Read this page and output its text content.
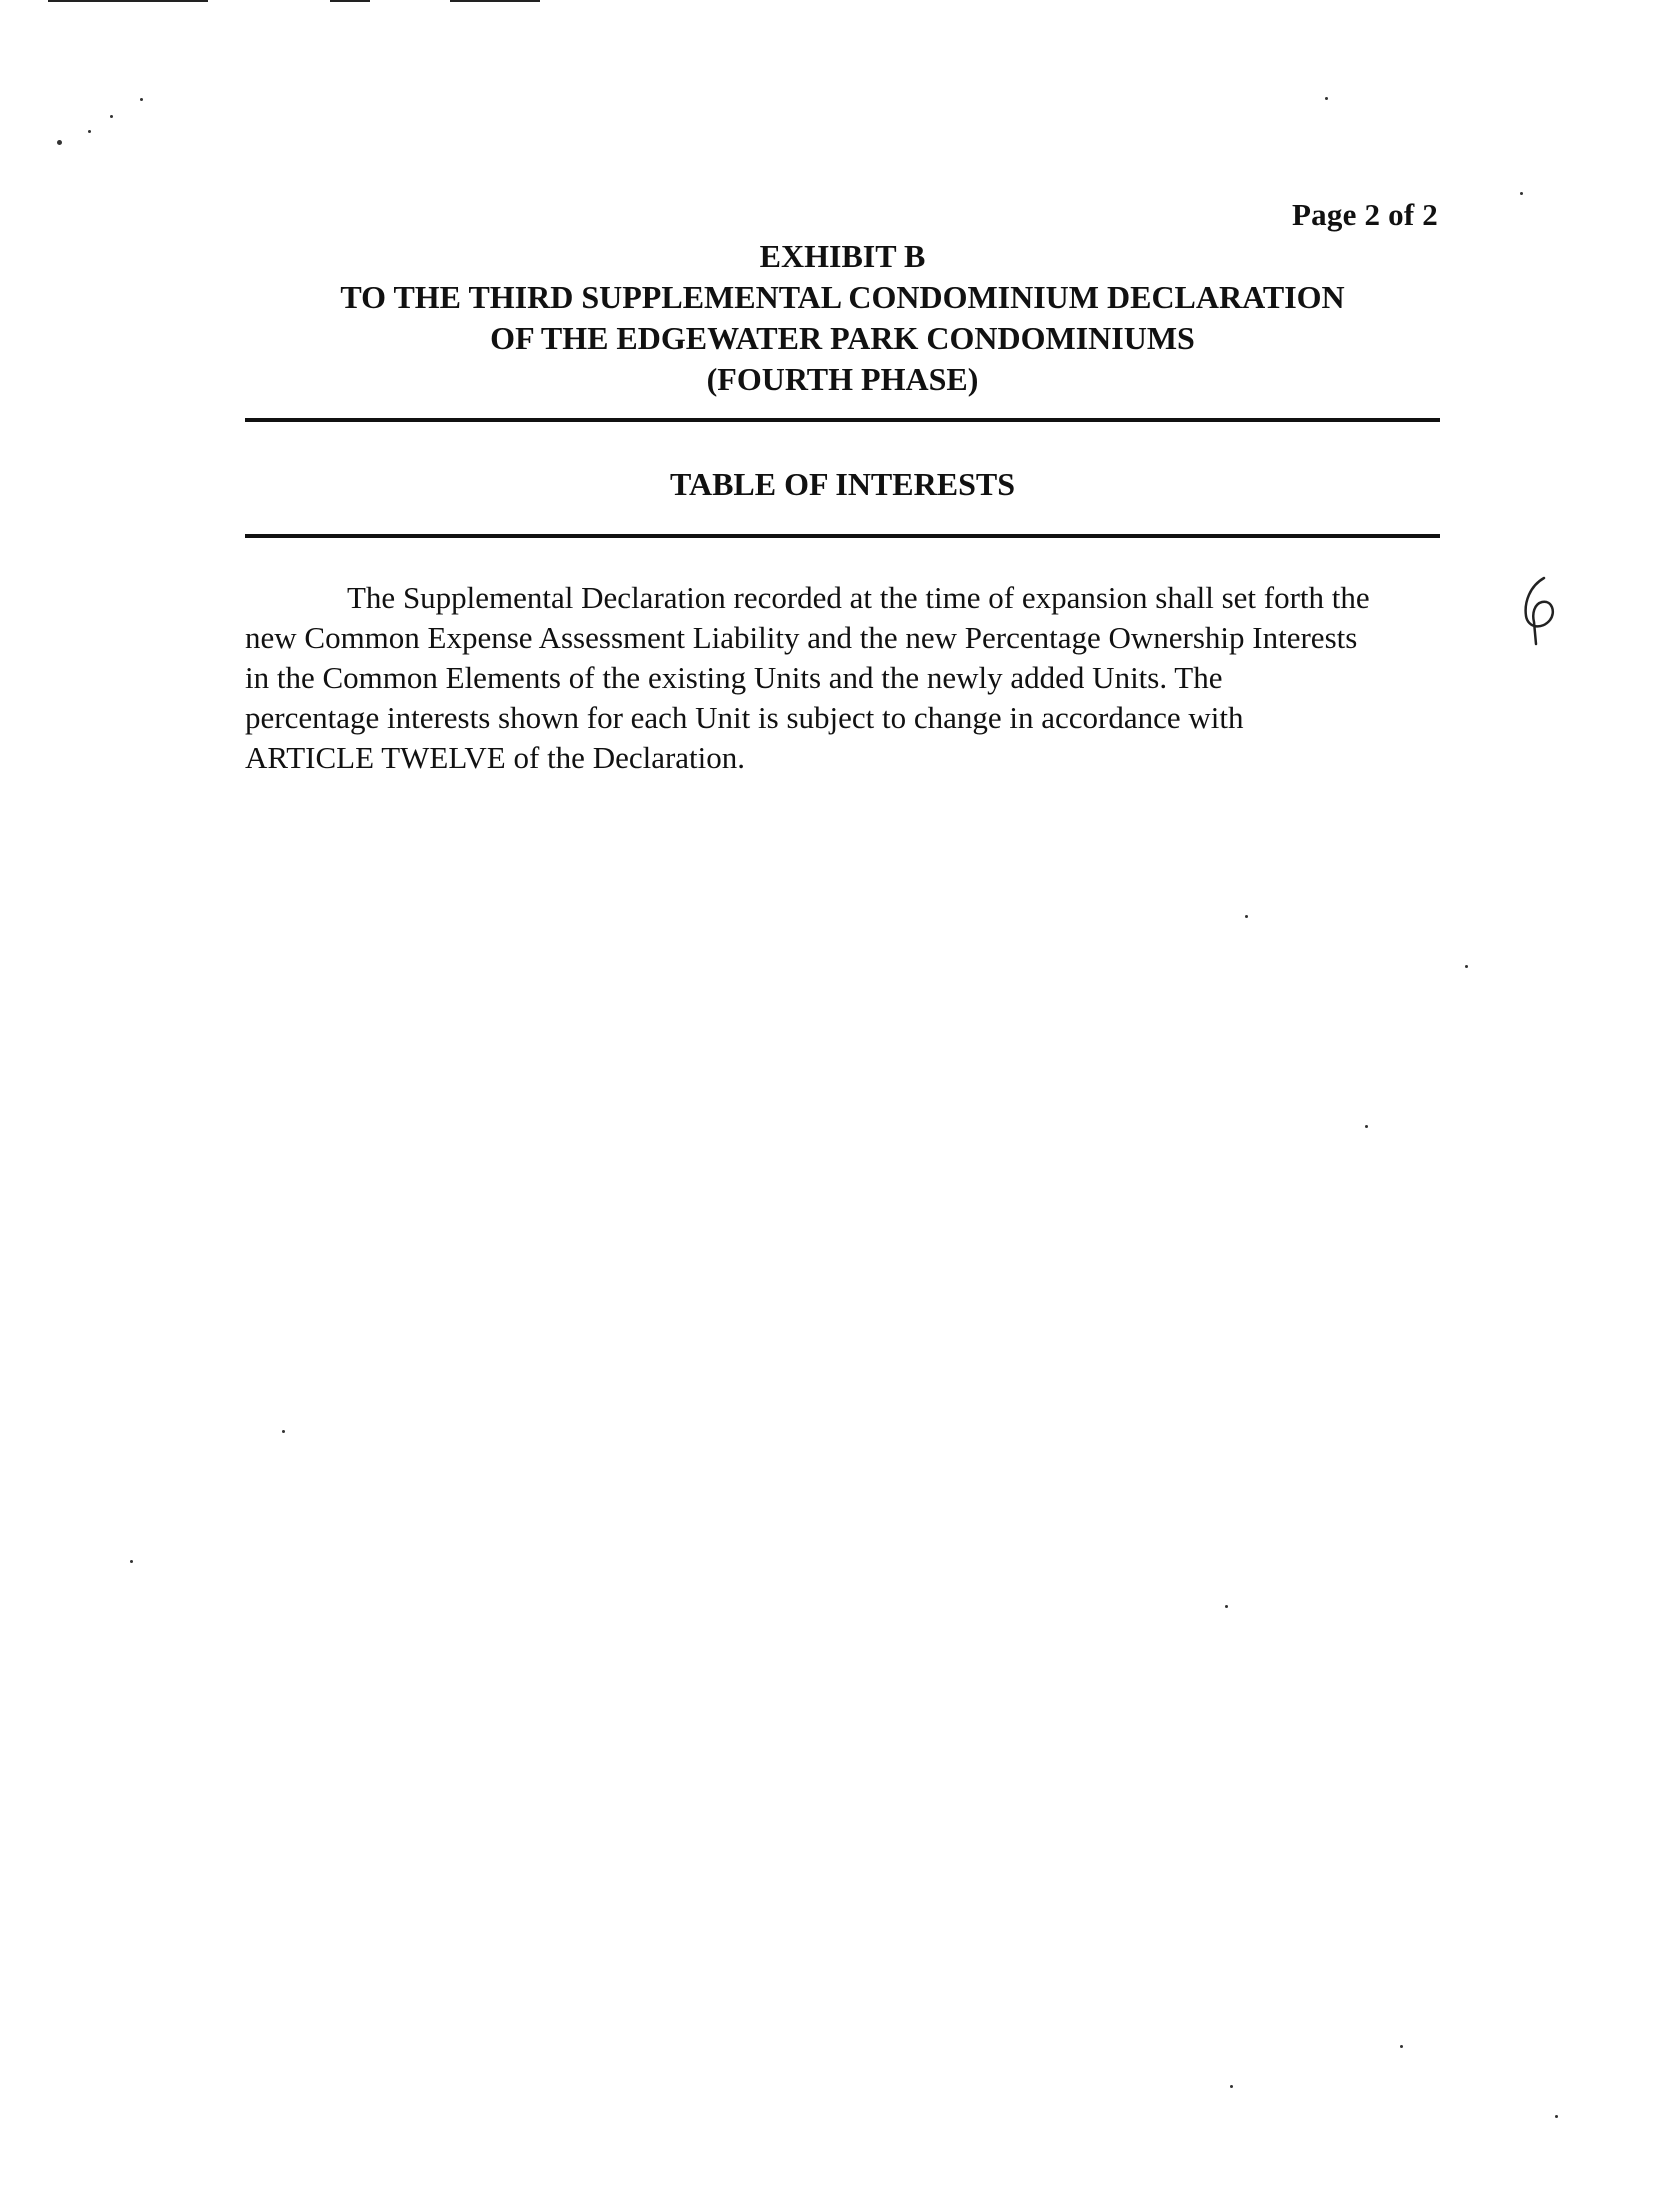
Page 2 of 2
EXHIBIT B
TO THE THIRD SUPPLEMENTAL CONDOMINIUM DECLARATION
OF THE EDGEWATER PARK CONDOMINIUMS
(FOURTH PHASE)
TABLE OF INTERESTS
The Supplemental Declaration recorded at the time of expansion shall set forth the
new Common Expense Assessment Liability and the new Percentage Ownership Interests
in the Common Elements of the existing Units and the newly added Units. The
percentage interests shown for each Unit is subject to change in accordance with
ARTICLE TWELVE of the Declaration.
